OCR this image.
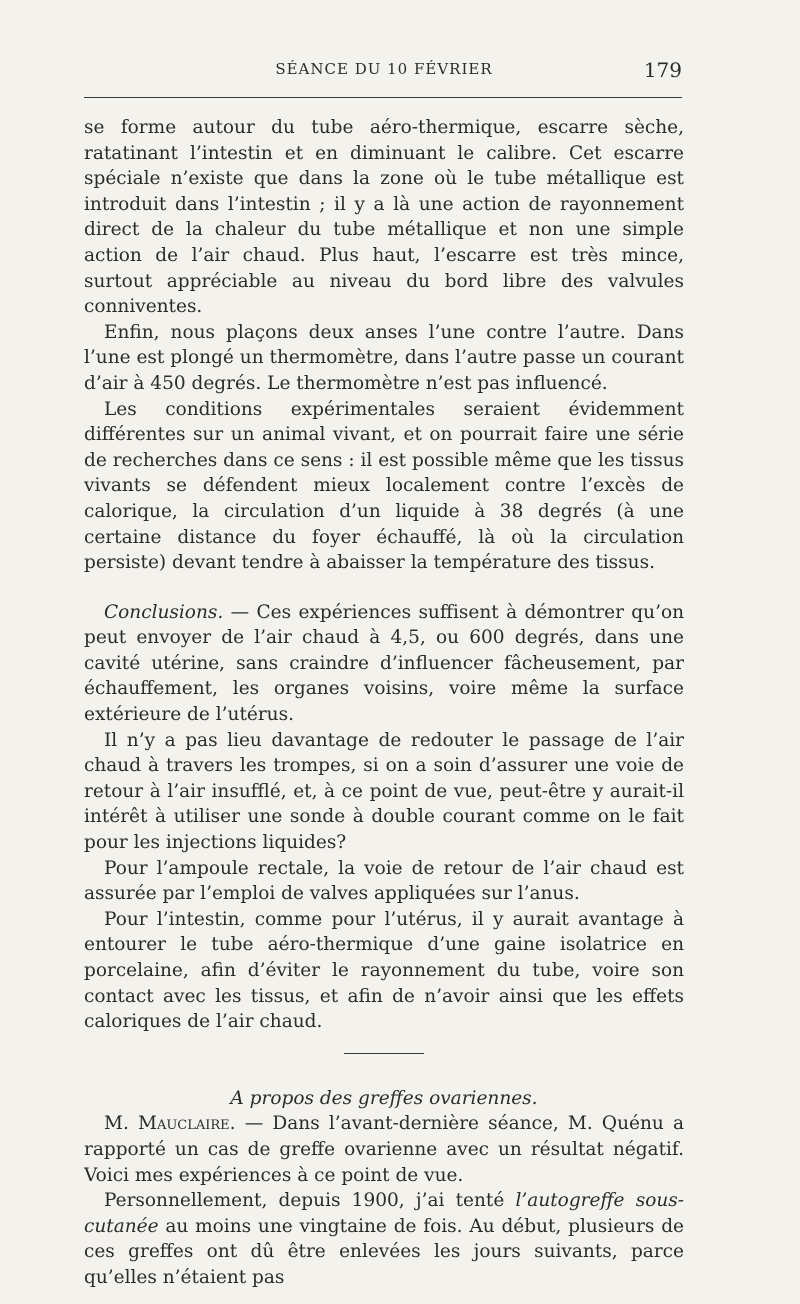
SÉANCE DU 10 FÉVRIER	179

se forme autour du tube aéro-thermique, escarre sèche, ratatinant l’intestin et en diminuant le calibre. Cet escarre spéciale n’existe que dans la zone où le tube métallique est introduit dans l’intestin ; il y a là une action de rayonnement direct de la chaleur du tube métallique et non une simple action de l’air chaud. Plus haut, l’escarre est très mince, surtout appréciable au niveau du bord libre des valvules conniventes.

Enfin, nous plaçons deux anses l’une contre l’autre. Dans l’une est plongé un thermomètre, dans l’autre passe un courant d’air à 450 degrés. Le thermomètre n’est pas influencé.

Les conditions expérimentales seraient évidemment différentes sur un animal vivant, et on pourrait faire une série de recherches dans ce sens : il est possible même que les tissus vivants se défendent mieux localement contre l’excès de calorique, la circulation d’un liquide à 38 degrés (à une certaine distance du foyer échauffé, là où la circulation persiste) devant tendre à abaisser la température des tissus.

Conclusions. — Ces expériences suffisent à démontrer qu’on peut envoyer de l’air chaud à 4,5, ou 600 degrés, dans une cavité utérine, sans craindre d’influencer fâcheusement, par échauffement, les organes voisins, voire même la surface extérieure de l’utérus.

Il n’y a pas lieu davantage de redouter le passage de l’air chaud à travers les trompes, si on a soin d’assurer une voie de retour à l’air insufflé, et, à ce point de vue, peut-être y aurait-il intérêt à utiliser une sonde à double courant comme on le fait pour les injections liquides?

Pour l’ampoule rectale, la voie de retour de l’air chaud est assurée par l’emploi de valves appliquées sur l’anus.

Pour l’intestin, comme pour l’utérus, il y aurait avantage à entourer le tube aéro-thermique d’une gaine isolatrice en porcelaine, afin d’éviter le rayonnement du tube, voire son contact avec les tissus, et afin de n’avoir ainsi que les effets caloriques de l’air chaud.

A propos des greffes ovariennes.

M. Mauclaire. — Dans l’avant-dernière séance, M. Quénu a rapporté un cas de greffe ovarienne avec un résultat négatif. Voici mes expériences à ce point de vue.

Personnellement, depuis 1900, j’ai tenté l’autogreffe sous-cutanée au moins une vingtaine de fois. Au début, plusieurs de ces greffes ont dû être enlevées les jours suivants, parce qu’elles n’étaient pas
